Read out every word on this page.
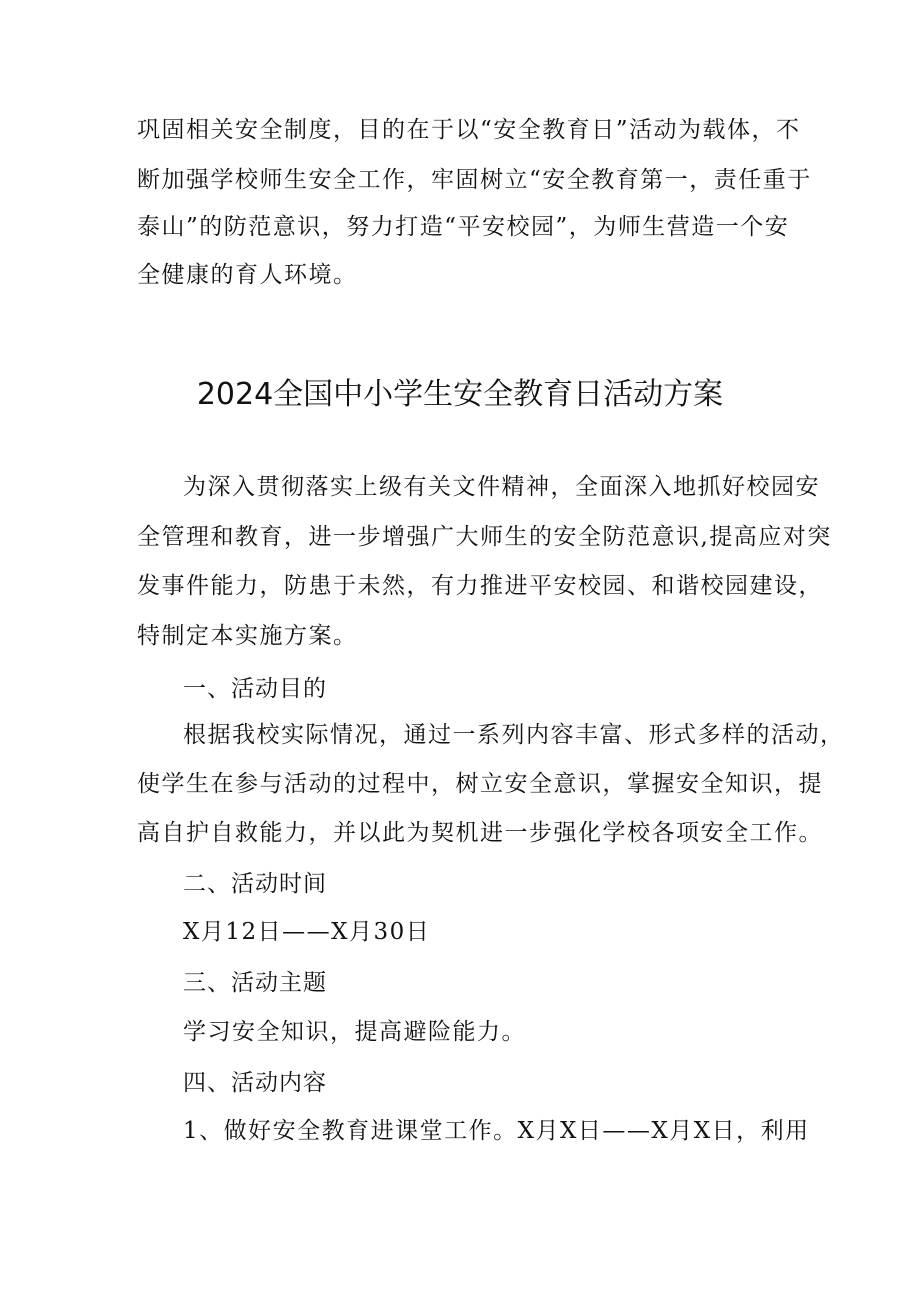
巩固相关安全制度，目的在于以“安全教育日”活动为载体，不
断加强学校师生安全工作，牢固树立“安全教育第一，责任重于
泰山”的防范意识，努力打造“平安校园”，为师生营造一个安
全健康的育人环境。
2024全国中小学生安全教育日活动方案
为深入贯彻落实上级有关文件精神，全面深入地抓好校园安
全管理和教育，进一步增强广大师生的安全防范意识,提高应对突
发事件能力，防患于未然，有力推进平安校园、和谐校园建设，
特制定本实施方案。
一、活动目的
根据我校实际情况，通过一系列内容丰富、形式多样的活动，
使学生在参与活动的过程中，树立安全意识，掌握安全知识，提
高自护自救能力，并以此为契机进一步强化学校各项安全工作。
二、活动时间
X月12日——X月30日
三、活动主题
学习安全知识，提高避险能力。
四、活动内容
1、做好安全教育进课堂工作。X月X日——X月X日，利用
